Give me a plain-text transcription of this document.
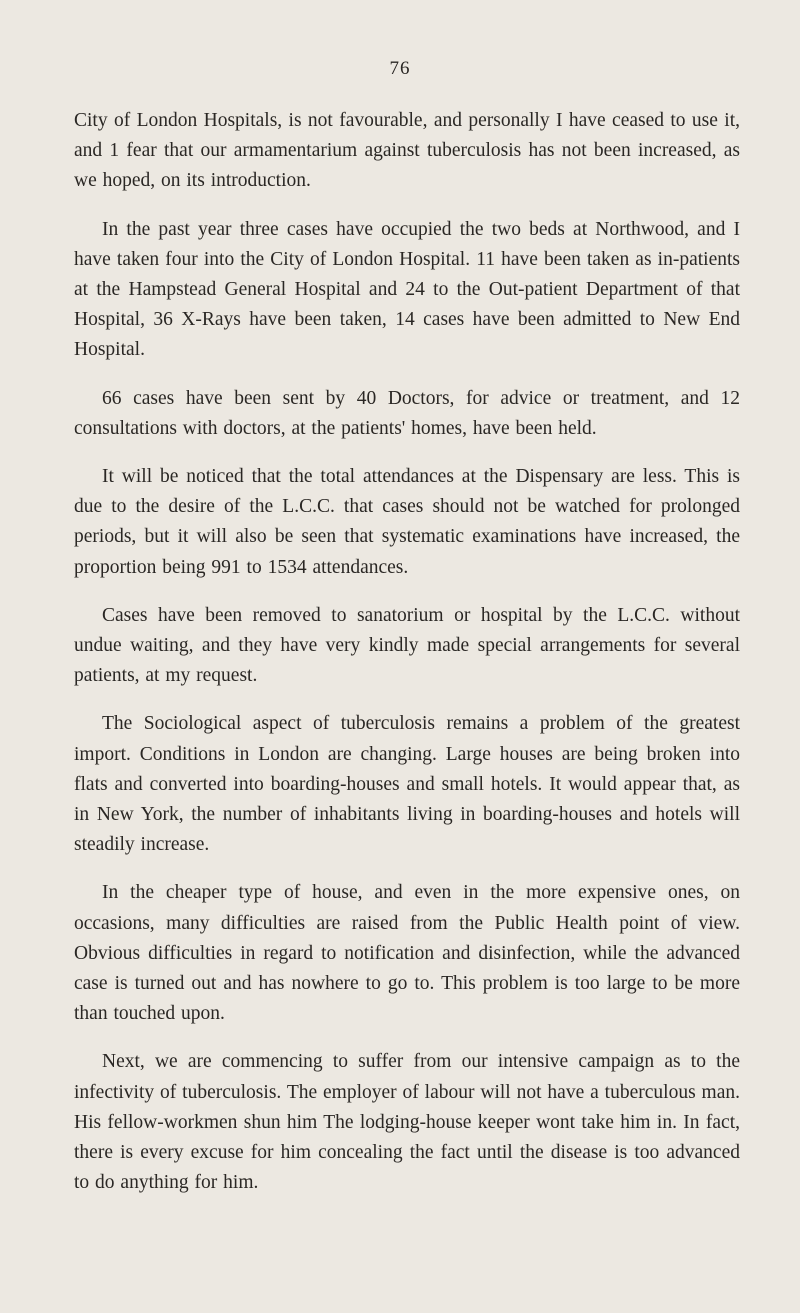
76

City of London Hospitals, is not favourable, and personally I have ceased to use it, and 1 fear that our armamentarium against tuberculosis has not been increased, as we hoped, on its introduction.

In the past year three cases have occupied the two beds at Northwood, and I have taken four into the City of London Hospital. 11 have been taken as in-patients at the Hampstead General Hospital and 24 to the Out-patient Department of that Hospital, 36 X-Rays have been taken, 14 cases have been admitted to New End Hospital.

66 cases have been sent by 40 Doctors, for advice or treatment, and 12 consultations with doctors, at the patients' homes, have been held.

It will be noticed that the total attendances at the Dispensary are less. This is due to the desire of the L.C.C. that cases should not be watched for prolonged periods, but it will also be seen that systematic examinations have increased, the proportion being 991 to 1534 attendances.

Cases have been removed to sanatorium or hospital by the L.C.C. without undue waiting, and they have very kindly made special arrangements for several patients, at my request.

The Sociological aspect of tuberculosis remains a problem of the greatest import. Conditions in London are changing. Large houses are being broken into flats and converted into boarding-houses and small hotels. It would appear that, as in New York, the number of inhabitants living in boarding-houses and hotels will steadily increase.

In the cheaper type of house, and even in the more expensive ones, on occasions, many difficulties are raised from the Public Health point of view. Obvious difficulties in regard to notification and disinfection, while the advanced case is turned out and has nowhere to go to. This problem is too large to be more than touched upon.

Next, we are commencing to suffer from our intensive campaign as to the infectivity of tuberculosis. The employer of labour will not have a tuberculous man. His fellow-workmen shun him The lodging-house keeper wont take him in. In fact, there is every excuse for him concealing the fact until the disease is too advanced to do anything for him.
